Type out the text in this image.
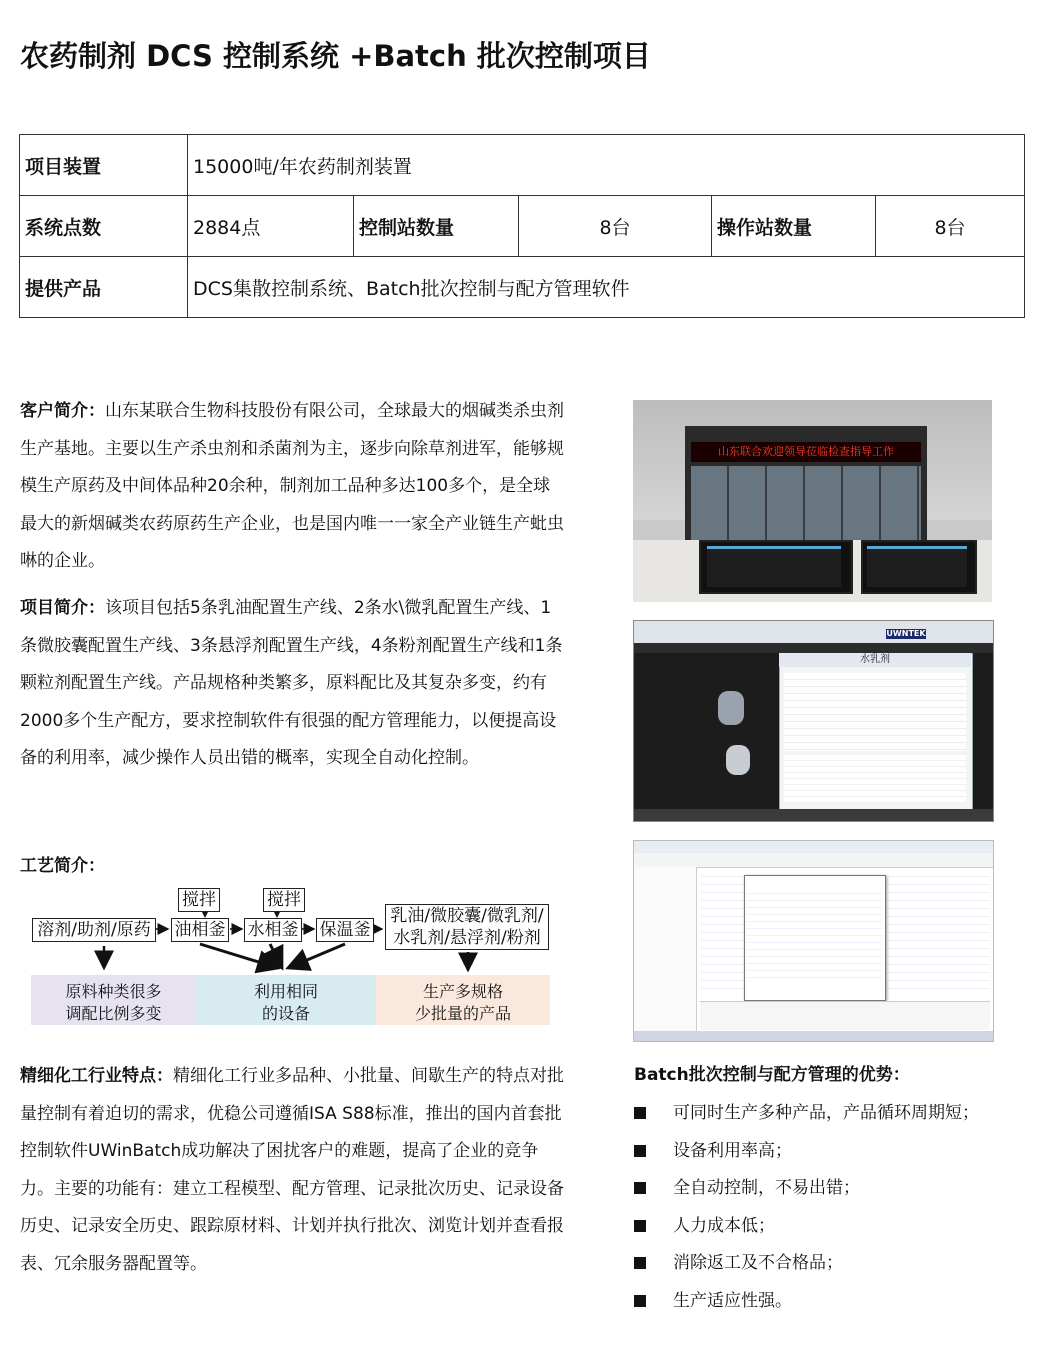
农药制剂 DCS 控制系统 +Batch 批次控制项目
项目装置	15000吨/年农药制剂装置				
系统点数	2884点	控制站数量	8台	操作站数量	8台
提供产品	DCS集散控制系统、Batch批次控制与配方管理软件				
客户简介：山东某联合生物科技股份有限公司，全球最大的烟碱类杀虫剂生产基地。主要以生产杀虫剂和杀菌剂为主，逐步向除草剂进军，能够规模生产原药及中间体品种20余种，制剂加工品种多达100多个，是全球最大的新烟碱类农药原药生产企业，也是国内唯一一家全产业链生产蚍虫啉的企业。
项目简介：该项目包括5条乳油配置生产线、2条水\微乳配置生产线、1条微胶囊配置生产线、3条悬浮剂配置生产线，4条粉剂配置生产线和1条颗粒剂配置生产线。产品规格种类繁多，原料配比及其复杂多变，约有2000多个生产配方，要求控制软件有很强的配方管理能力，以便提高设备的利用率，减少操作人员出错的概率，实现全自动化控制。
工艺简介：
搅拌	搅拌
溶剂/助剂/原药	油相釜 水相釜 保温釜
乳油/微胶囊/微乳剂/
水乳剂/悬浮剂/粉剂
原料种类很多
调配比例多变
利用相同
的设备
生产多规格
少批量的产品
精细化工行业特点：精细化工行业多品种、小批量、间歇生产的特点对批量控制有着迫切的需求，优稳公司遵循ISA S88标准，推出的国内首套批控制软件UWinBatch成功解决了困扰客户的难题，提高了企业的竞争力。主要的功能有：建立工程模型、配方管理、记录批次历史、记录设备历史、记录安全历史、跟踪原材料、计划并执行批次、浏览计划并查看报表、冗余服务器配置等。
山东联合欢迎领导莅临检查指导工作
UWNTEK
水乳剂
Batch批次控制与配方管理的优势：
可同时生产多种产品，产品循环周期短；
设备利用率高；
全自动控制，不易出错；
人力成本低；
消除返工及不合格品；
生产适应性强。
